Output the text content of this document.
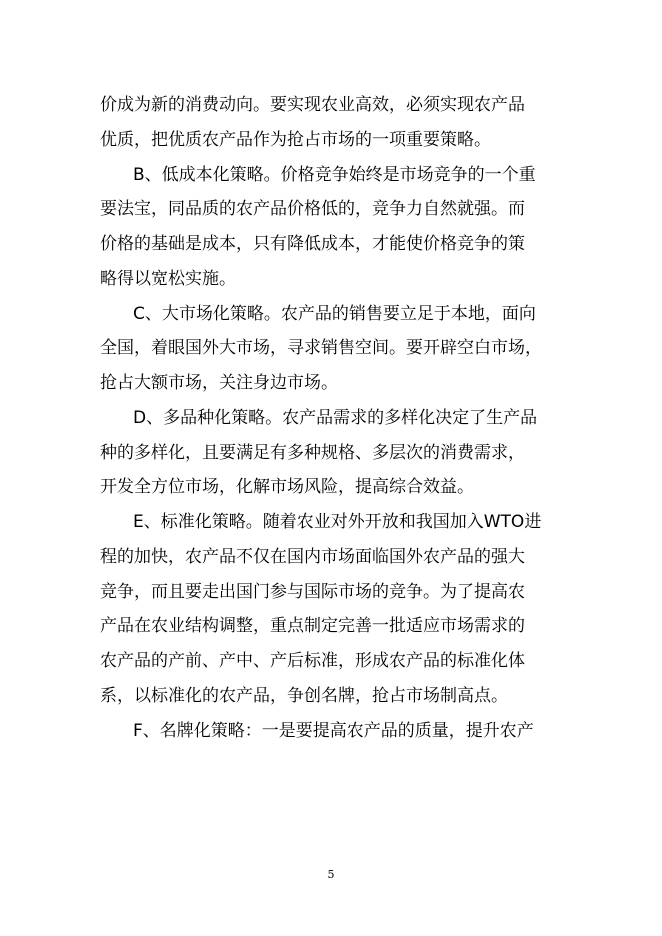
价成为新的消费动向。要实现农业高效，必须实现农产品
优质，把优质农产品作为抢占市场的一项重要策略。
B、低成本化策略。价格竞争始终是市场竞争的一个重
要法宝，同品质的农产品价格低的，竞争力自然就强。而
价格的基础是成本，只有降低成本，才能使价格竞争的策
略得以宽松实施。
C、大市场化策略。农产品的销售要立足于本地，面向
全国，着眼国外大市场，寻求销售空间。要开辟空白市场，
抢占大额市场，关注身边市场。
D、多品种化策略。农产品需求的多样化决定了生产品
种的多样化，且要满足有多种规格、多层次的消费需求，
开发全方位市场，化解市场风险，提高综合效益。
E、标准化策略。随着农业对外开放和我国加入WTO进
程的加快，农产品不仅在国内市场面临国外农产品的强大
竞争，而且要走出国门参与国际市场的竞争。为了提高农
产品在农业结构调整，重点制定完善一批适应市场需求的
农产品的产前、产中、产后标准，形成农产品的标准化体
系，以标准化的农产品，争创名牌，抢占市场制高点。
F、名牌化策略：一是要提高农产品的质量，提升农产
5
